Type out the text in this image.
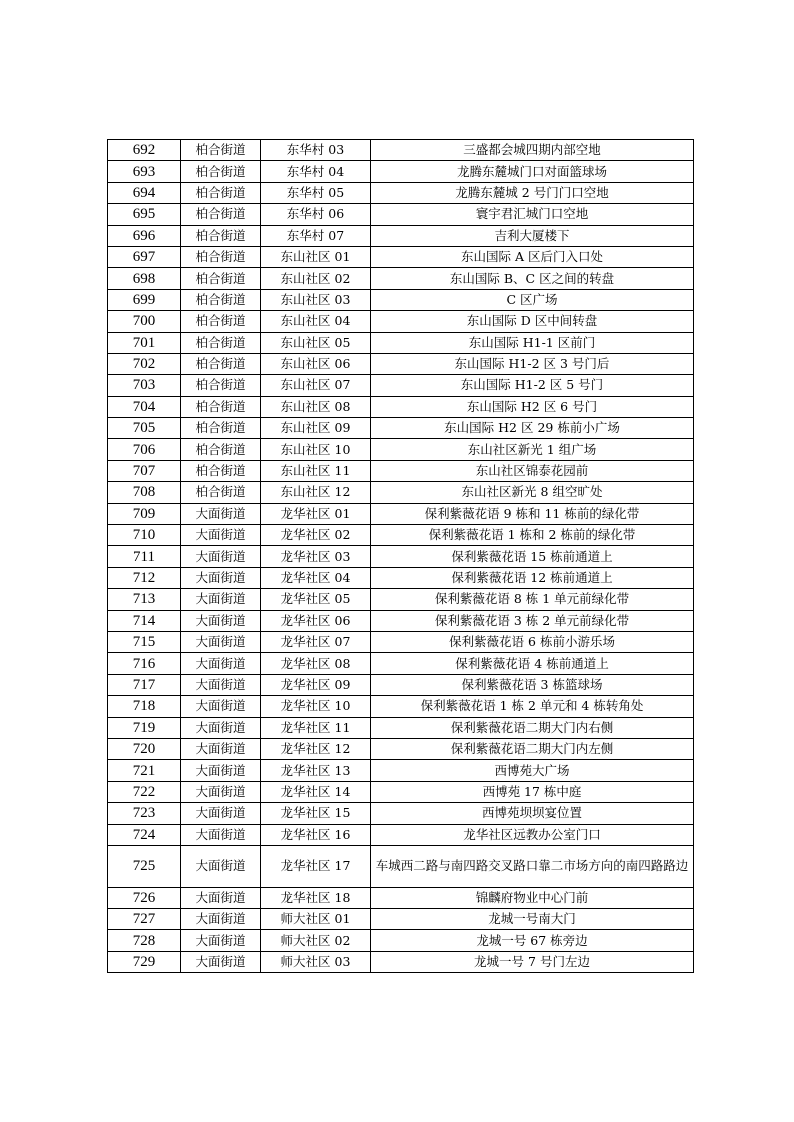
692	柏合街道	东华村 03	三盛都会城四期内部空地
693	柏合街道	东华村 04	龙腾东麓城门口对面篮球场
694	柏合街道	东华村 05	龙腾东麓城 2 号门门口空地
695	柏合街道	东华村 06	寰宇君汇城门口空地
696	柏合街道	东华村 07	吉利大厦楼下
697	柏合街道	东山社区 01	东山国际 A 区后门入口处
698	柏合街道	东山社区 02	东山国际 B、C 区之间的转盘
699	柏合街道	东山社区 03	C 区广场
700	柏合街道	东山社区 04	东山国际 D 区中间转盘
701	柏合街道	东山社区 05	东山国际 H1-1 区前门
702	柏合街道	东山社区 06	东山国际 H1-2 区 3 号门后
703	柏合街道	东山社区 07	东山国际 H1-2 区 5 号门
704	柏合街道	东山社区 08	东山国际 H2 区 6 号门
705	柏合街道	东山社区 09	东山国际 H2 区 29 栋前小广场
706	柏合街道	东山社区 10	东山社区新光 1 组广场
707	柏合街道	东山社区 11	东山社区锦泰花园前
708	柏合街道	东山社区 12	东山社区新光 8 组空旷处
709	大面街道	龙华社区 01	保利紫薇花语 9 栋和 11 栋前的绿化带
710	大面街道	龙华社区 02	保利紫薇花语 1 栋和 2 栋前的绿化带
711	大面街道	龙华社区 03	保利紫薇花语 15 栋前通道上
712	大面街道	龙华社区 04	保利紫薇花语 12 栋前通道上
713	大面街道	龙华社区 05	保利紫薇花语 8 栋 1 单元前绿化带
714	大面街道	龙华社区 06	保利紫薇花语 3 栋 2 单元前绿化带
715	大面街道	龙华社区 07	保利紫薇花语 6 栋前小游乐场
716	大面街道	龙华社区 08	保利紫薇花语 4 栋前通道上
717	大面街道	龙华社区 09	保利紫薇花语 3 栋篮球场
718	大面街道	龙华社区 10	保利紫薇花语 1 栋 2 单元和 4 栋转角处
719	大面街道	龙华社区 11	保利紫薇花语二期大门内右侧
720	大面街道	龙华社区 12	保利紫薇花语二期大门内左侧
721	大面街道	龙华社区 13	西博苑大广场
722	大面街道	龙华社区 14	西博苑 17 栋中庭
723	大面街道	龙华社区 15	西博苑坝坝宴位置
724	大面街道	龙华社区 16	龙华社区远教办公室门口
725	大面街道	龙华社区 17	车城西二路与南四路交叉路口靠二市场方向的南四路路边
726	大面街道	龙华社区 18	锦麟府物业中心门前
727	大面街道	师大社区 01	龙城一号南大门
728	大面街道	师大社区 02	龙城一号 67 栋旁边
729	大面街道	师大社区 03	龙城一号 7 号门左边
